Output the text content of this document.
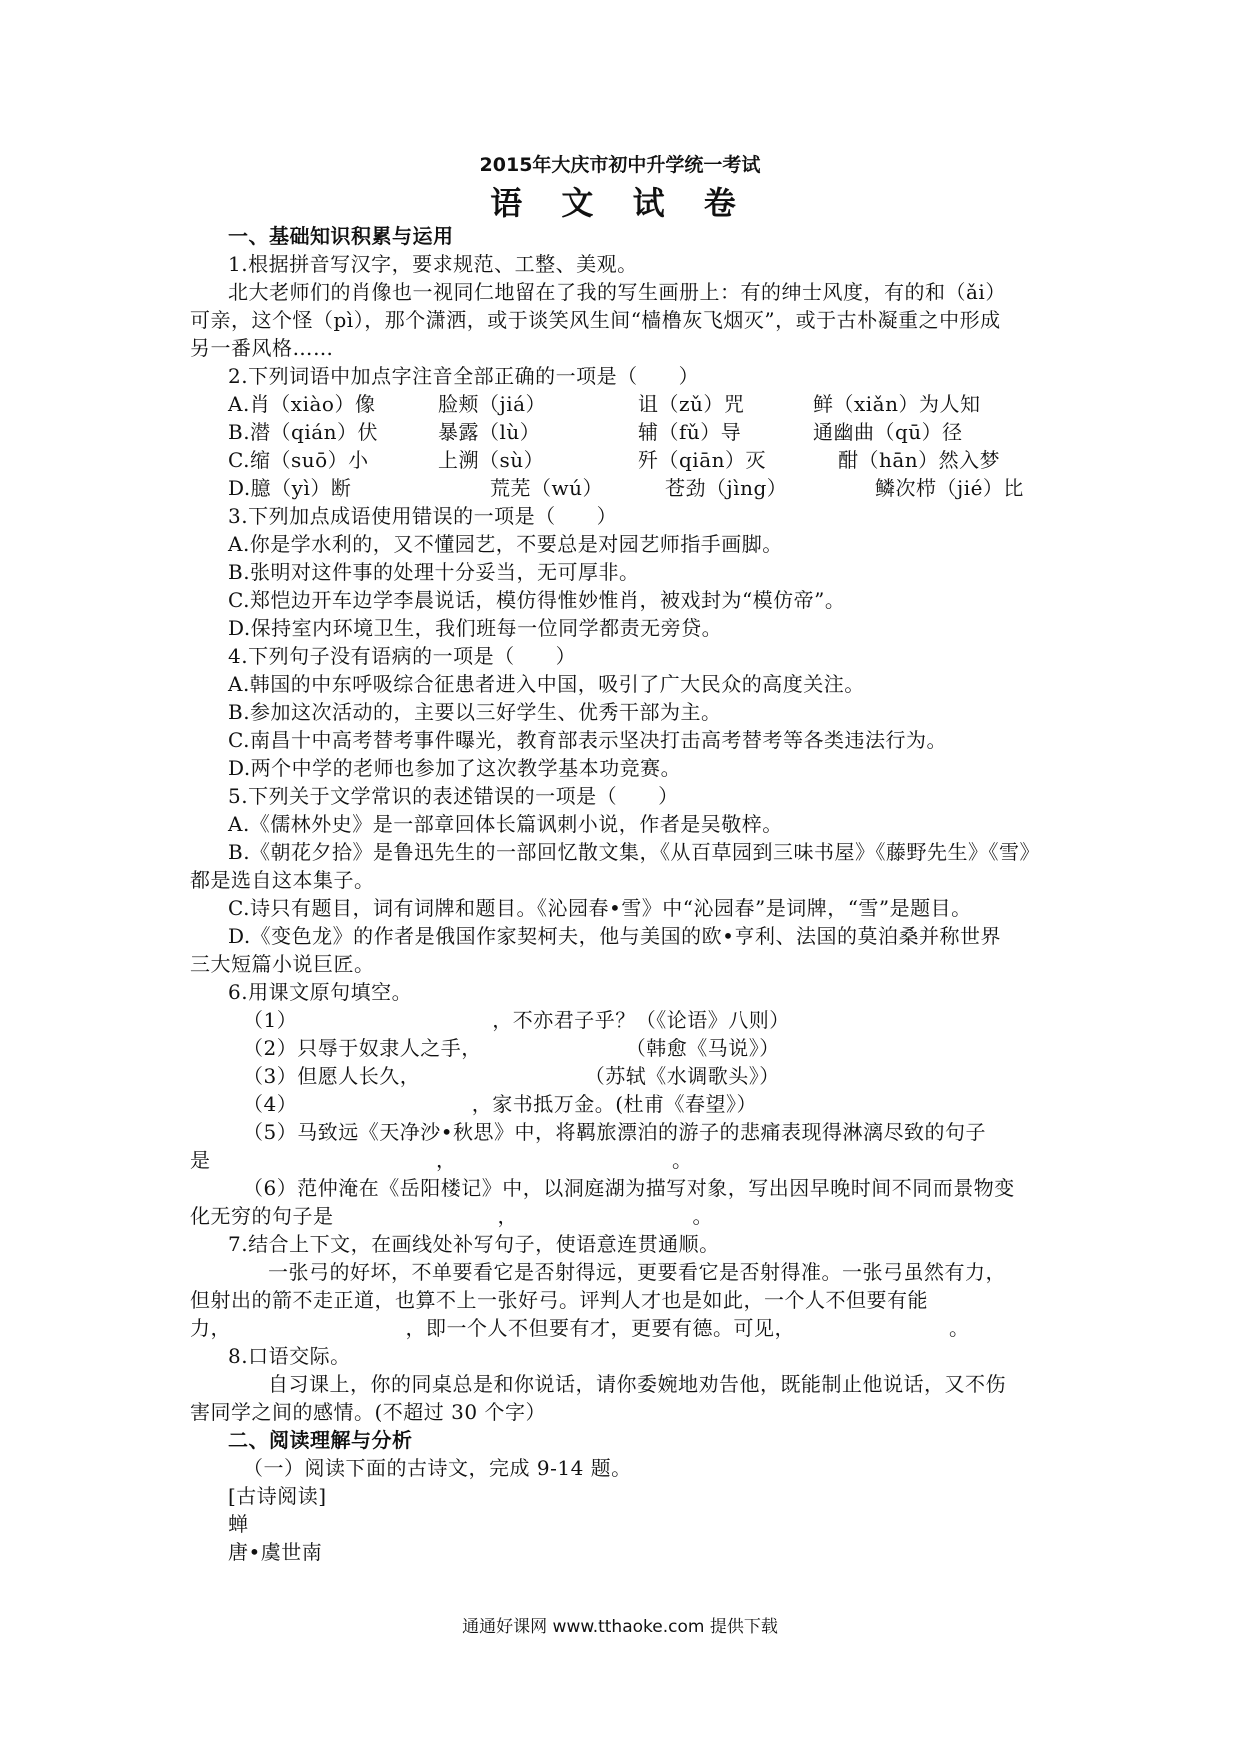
2015年大庆市初中升学统一考试
语 文 试 卷
一、基础知识积累与运用
1.根据拼音写汉字，要求规范、工整、美观。
北大老师们的肖像也一视同仁地留在了我的写生画册上：有的绅士风度，有的和（ǎi）
可亲，这个怪（pì），那个潇洒，或于谈笑风生间“樯橹灰飞烟灭”，或于古朴凝重之中形成
另一番风格……
2.下列词语中加点字注音全部正确的一项是（　　）
A.肖（xiào）像	脸颊（jiá）	诅（zǔ）咒	鲜（xiǎn）为人知
B.潜（qián）伏	暴露（lù）	辅（fǔ）导	通幽曲（qū）径
C.缩（suō）小	上溯（sù）	歼（qiān）灭	酣（hān）然入梦
D.臆（yì）断	荒芜（wú）	苍劲（jìng）	鳞次栉（jié）比
3.下列加点成语使用错误的一项是（　　）
A.你是学水利的，又不懂园艺，不要总是对园艺师指手画脚。
B.张明对这件事的处理十分妥当，无可厚非。
C.郑恺边开车边学李晨说话，模仿得惟妙惟肖，被戏封为“模仿帝”。
D.保持室内环境卫生，我们班每一位同学都责无旁贷。
4.下列句子没有语病的一项是（　　）
A.韩国的中东呼吸综合征患者进入中国，吸引了广大民众的高度关注。
B.参加这次活动的，主要以三好学生、优秀干部为主。
C.南昌十中高考替考事件曝光，教育部表示坚决打击高考替考等各类违法行为。
D.两个中学的老师也参加了这次教学基本功竞赛。
5.下列关于文学常识的表述错误的一项是（　　）
A.《儒林外史》是一部章回体长篇讽刺小说，作者是吴敬梓。
B.《朝花夕拾》是鲁迅先生的一部回忆散文集，《从百草园到三味书屋》《藤野先生》《雪》
都是选自这本集子。
C.诗只有题目，词有词牌和题目。《沁园春•雪》中“沁园春”是词牌，“雪”是题目。
D.《变色龙》的作者是俄国作家契柯夫，他与美国的欧•亨利、法国的莫泊桑并称世界
三大短篇小说巨匠。
6.用课文原句填空。
（1）　　　　　　　　　　，不亦君子乎？（《论语》八则）
（2）只辱于奴隶人之手，　　　　　　　　（韩愈《马说》）
（3）但愿人长久，　　　　　　　　　（苏轼《水调歌头》）
（4）　　　　　　　　　，家书抵万金。(杜甫《春望》）
（5）马致远《天净沙•秋思》中，将羁旅漂泊的游子的悲痛表现得淋漓尽致的句子
是　　　　　　　　　　　，　　　　　　　　　　　。
（6）范仲淹在《岳阳楼记》中，以洞庭湖为描写对象，写出因早晚时间不同而景物变
化无穷的句子是　　　　　　　　，　　　　　　　　　。
7.结合上下文，在画线处补写句子，使语意连贯通顺。
一张弓的好坏，不单要看它是否射得远，更要看它是否射得准。一张弓虽然有力，
但射出的箭不走正道，也算不上一张好弓。评判人才也是如此，一个人不但要有能
力，　　　　　　　　　，即一个人不但要有才，更要有德。可见，　　　　　　　　。
8.口语交际。
自习课上，你的同桌总是和你说话，请你委婉地劝告他，既能制止他说话，又不伤
害同学之间的感情。(不超过 30 个字）
二、阅读理解与分析
（一）阅读下面的古诗文，完成 9-14 题。
[古诗阅读]
蝉
唐•虞世南
通通好课网 www.tthaoke.com 提供下载
